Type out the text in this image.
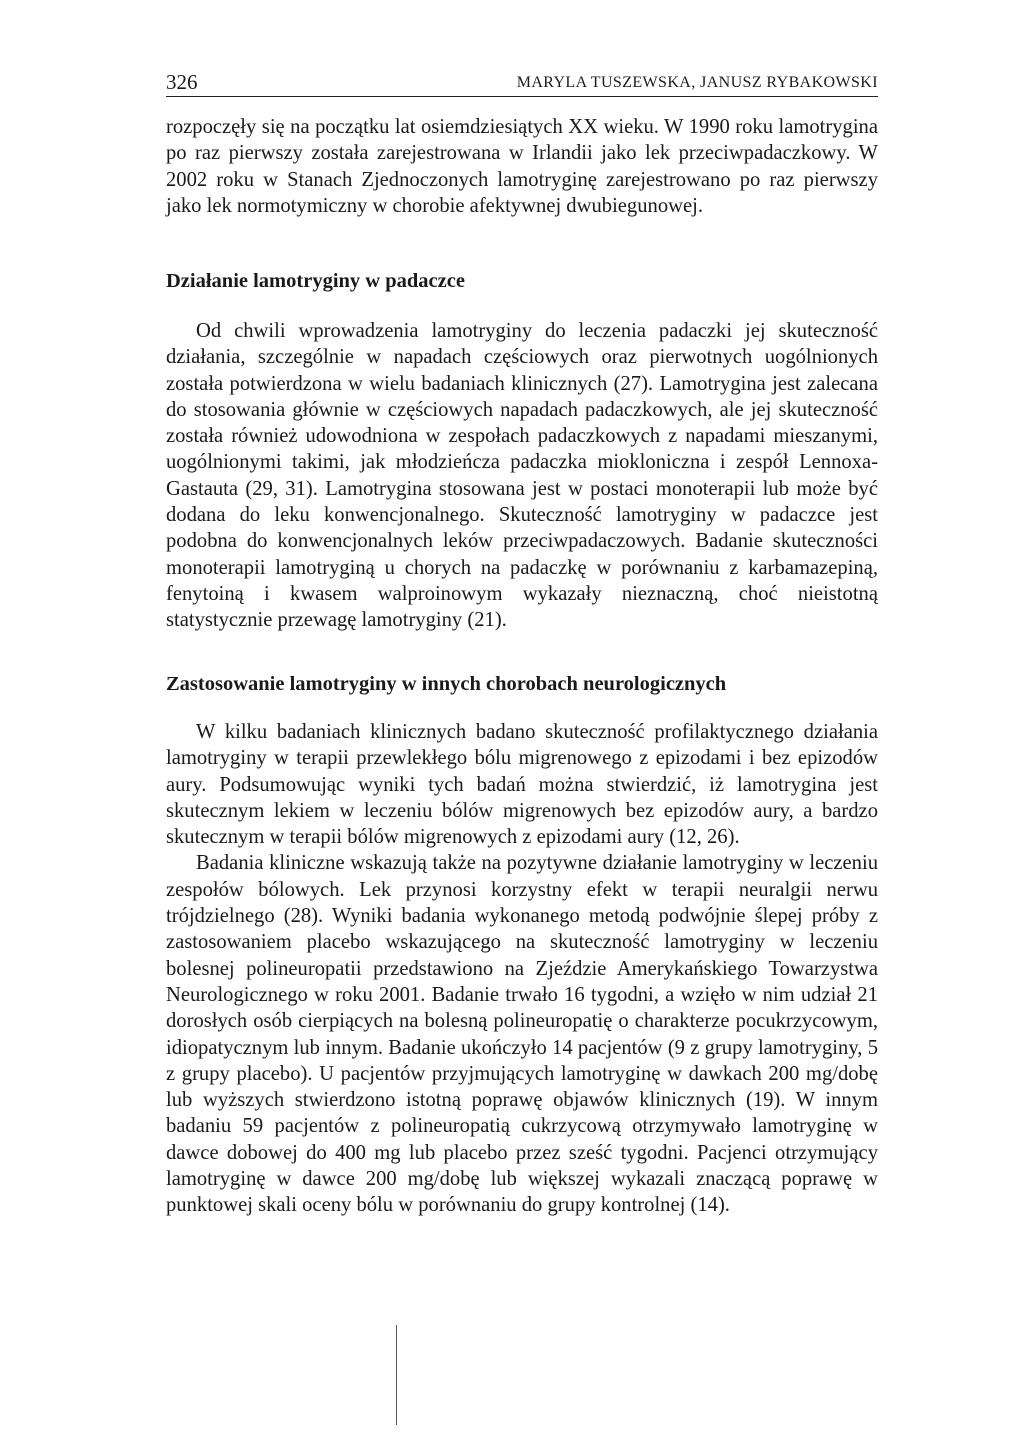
326	MARYLA TUSZEWSKA, JANUSZ RYBAKOWSKI

rozpoczęły się na początku lat osiemdziesiątych XX wieku. W 1990 roku lamotrygina po raz pierwszy została zarejestrowana w Irlandii jako lek przeciwpadaczkowy. W 2002 roku w Stanach Zjednoczonych lamotryginę zarejestrowano po raz pierwszy jako lek normotymiczny w chorobie afektywnej dwubiegunowej.

Działanie lamotryginy w padaczce

Od chwili wprowadzenia lamotryginy do leczenia padaczki jej skuteczność działania, szczególnie w napadach częściowych oraz pierwotnych uogólnionych została potwierdzona w wielu badaniach klinicznych (27). Lamotrygina jest zalecana do stosowania głównie w częściowych napadach padaczkowych, ale jej skuteczność została również udowodniona w zespołach padaczkowych z napadami mieszanymi, uogólnionymi takimi, jak młodzieńcza padaczka miokloniczna i zespół Lennoxa-Gastauta (29, 31). Lamotrygina stosowana jest w postaci monoterapii lub może być dodana do leku konwencjonalnego. Skuteczność lamotryginy w padaczce jest podobna do konwencjonalnych leków przeciwpadaczowych. Badanie skuteczności monoterapii lamotryginą u chorych na padaczkę w porównaniu z karbamazepiną, fenytoiną i kwasem walproinowym wykazały nieznaczną, choć nieistotną statystycznie przewagę lamotryginy (21).

Zastosowanie lamotryginy w innych chorobach neurologicznych

W kilku badaniach klinicznych badano skuteczność profilaktycznego działania lamotryginy w terapii przewlekłego bólu migrenowego z epizodami i bez epizodów aury. Podsumowując wyniki tych badań można stwierdzić, iż lamotrygina jest skutecznym lekiem w leczeniu bólów migrenowych bez epizodów aury, a bardzo skutecznym w terapii bólów migrenowych z epizodami aury (12, 26).

Badania kliniczne wskazują także na pozytywne działanie lamotryginy w leczeniu zespołów bólowych. Lek przynosi korzystny efekt w terapii neuralgii nerwu trójdzielnego (28). Wyniki badania wykonanego metodą podwójnie ślepej próby z zastosowaniem placebo wskazującego na skuteczność lamotryginy w leczeniu bolesnej polineuropatii przedstawiono na Zjeździe Amerykańskiego Towarzystwa Neurologicznego w roku 2001. Badanie trwało 16 tygodni, a wzięło w nim udział 21 dorosłych osób cierpiących na bolesną polineuropatię o charakterze pocukrzycowym, idiopatycznym lub innym. Badanie ukończyło 14 pacjentów (9 z grupy lamotryginy, 5 z grupy placebo). U pacjentów przyjmujących lamotryginę w dawkach 200 mg/dobę lub wyższych stwierdzono istotną poprawę objawów klinicznych (19). W innym badaniu 59 pacjentów z polineuropatią cukrzycową otrzymywało lamotryginę w dawce dobowej do 400 mg lub placebo przez sześć tygodni. Pacjenci otrzymujący lamotryginę w dawce 200 mg/dobę lub większej wykazali znaczącą poprawę w punktowej skali oceny bólu w porównaniu do grupy kontrolnej (14).
